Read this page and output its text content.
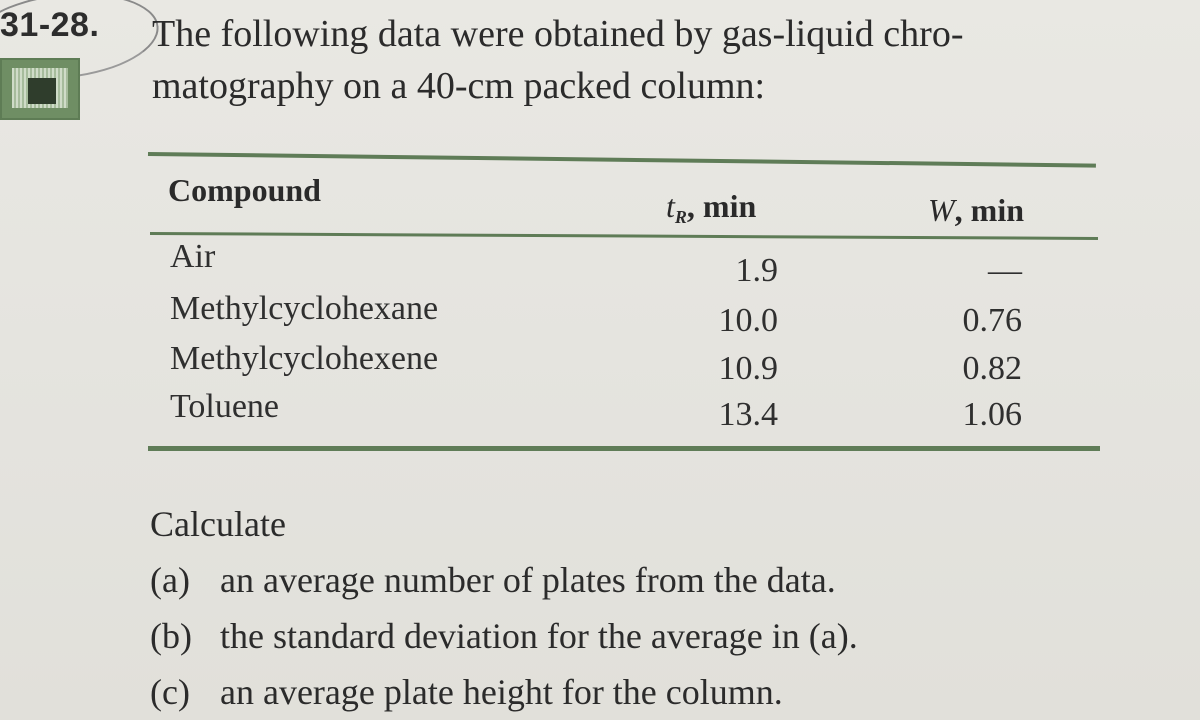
31-28. The following data were obtained by gas-liquid chro-
matography on a 40-cm packed column:
Compound	$t_R$, min	W, min
Air	1.9	—
Methylcyclohexane	10.0	0.76
Methylcyclohexene	10.9	0.82
Toluene	13.4	1.06
Calculate
(a) an average number of plates from the data.
(b) the standard deviation for the average in (a).
(c) an average plate height for the column.
